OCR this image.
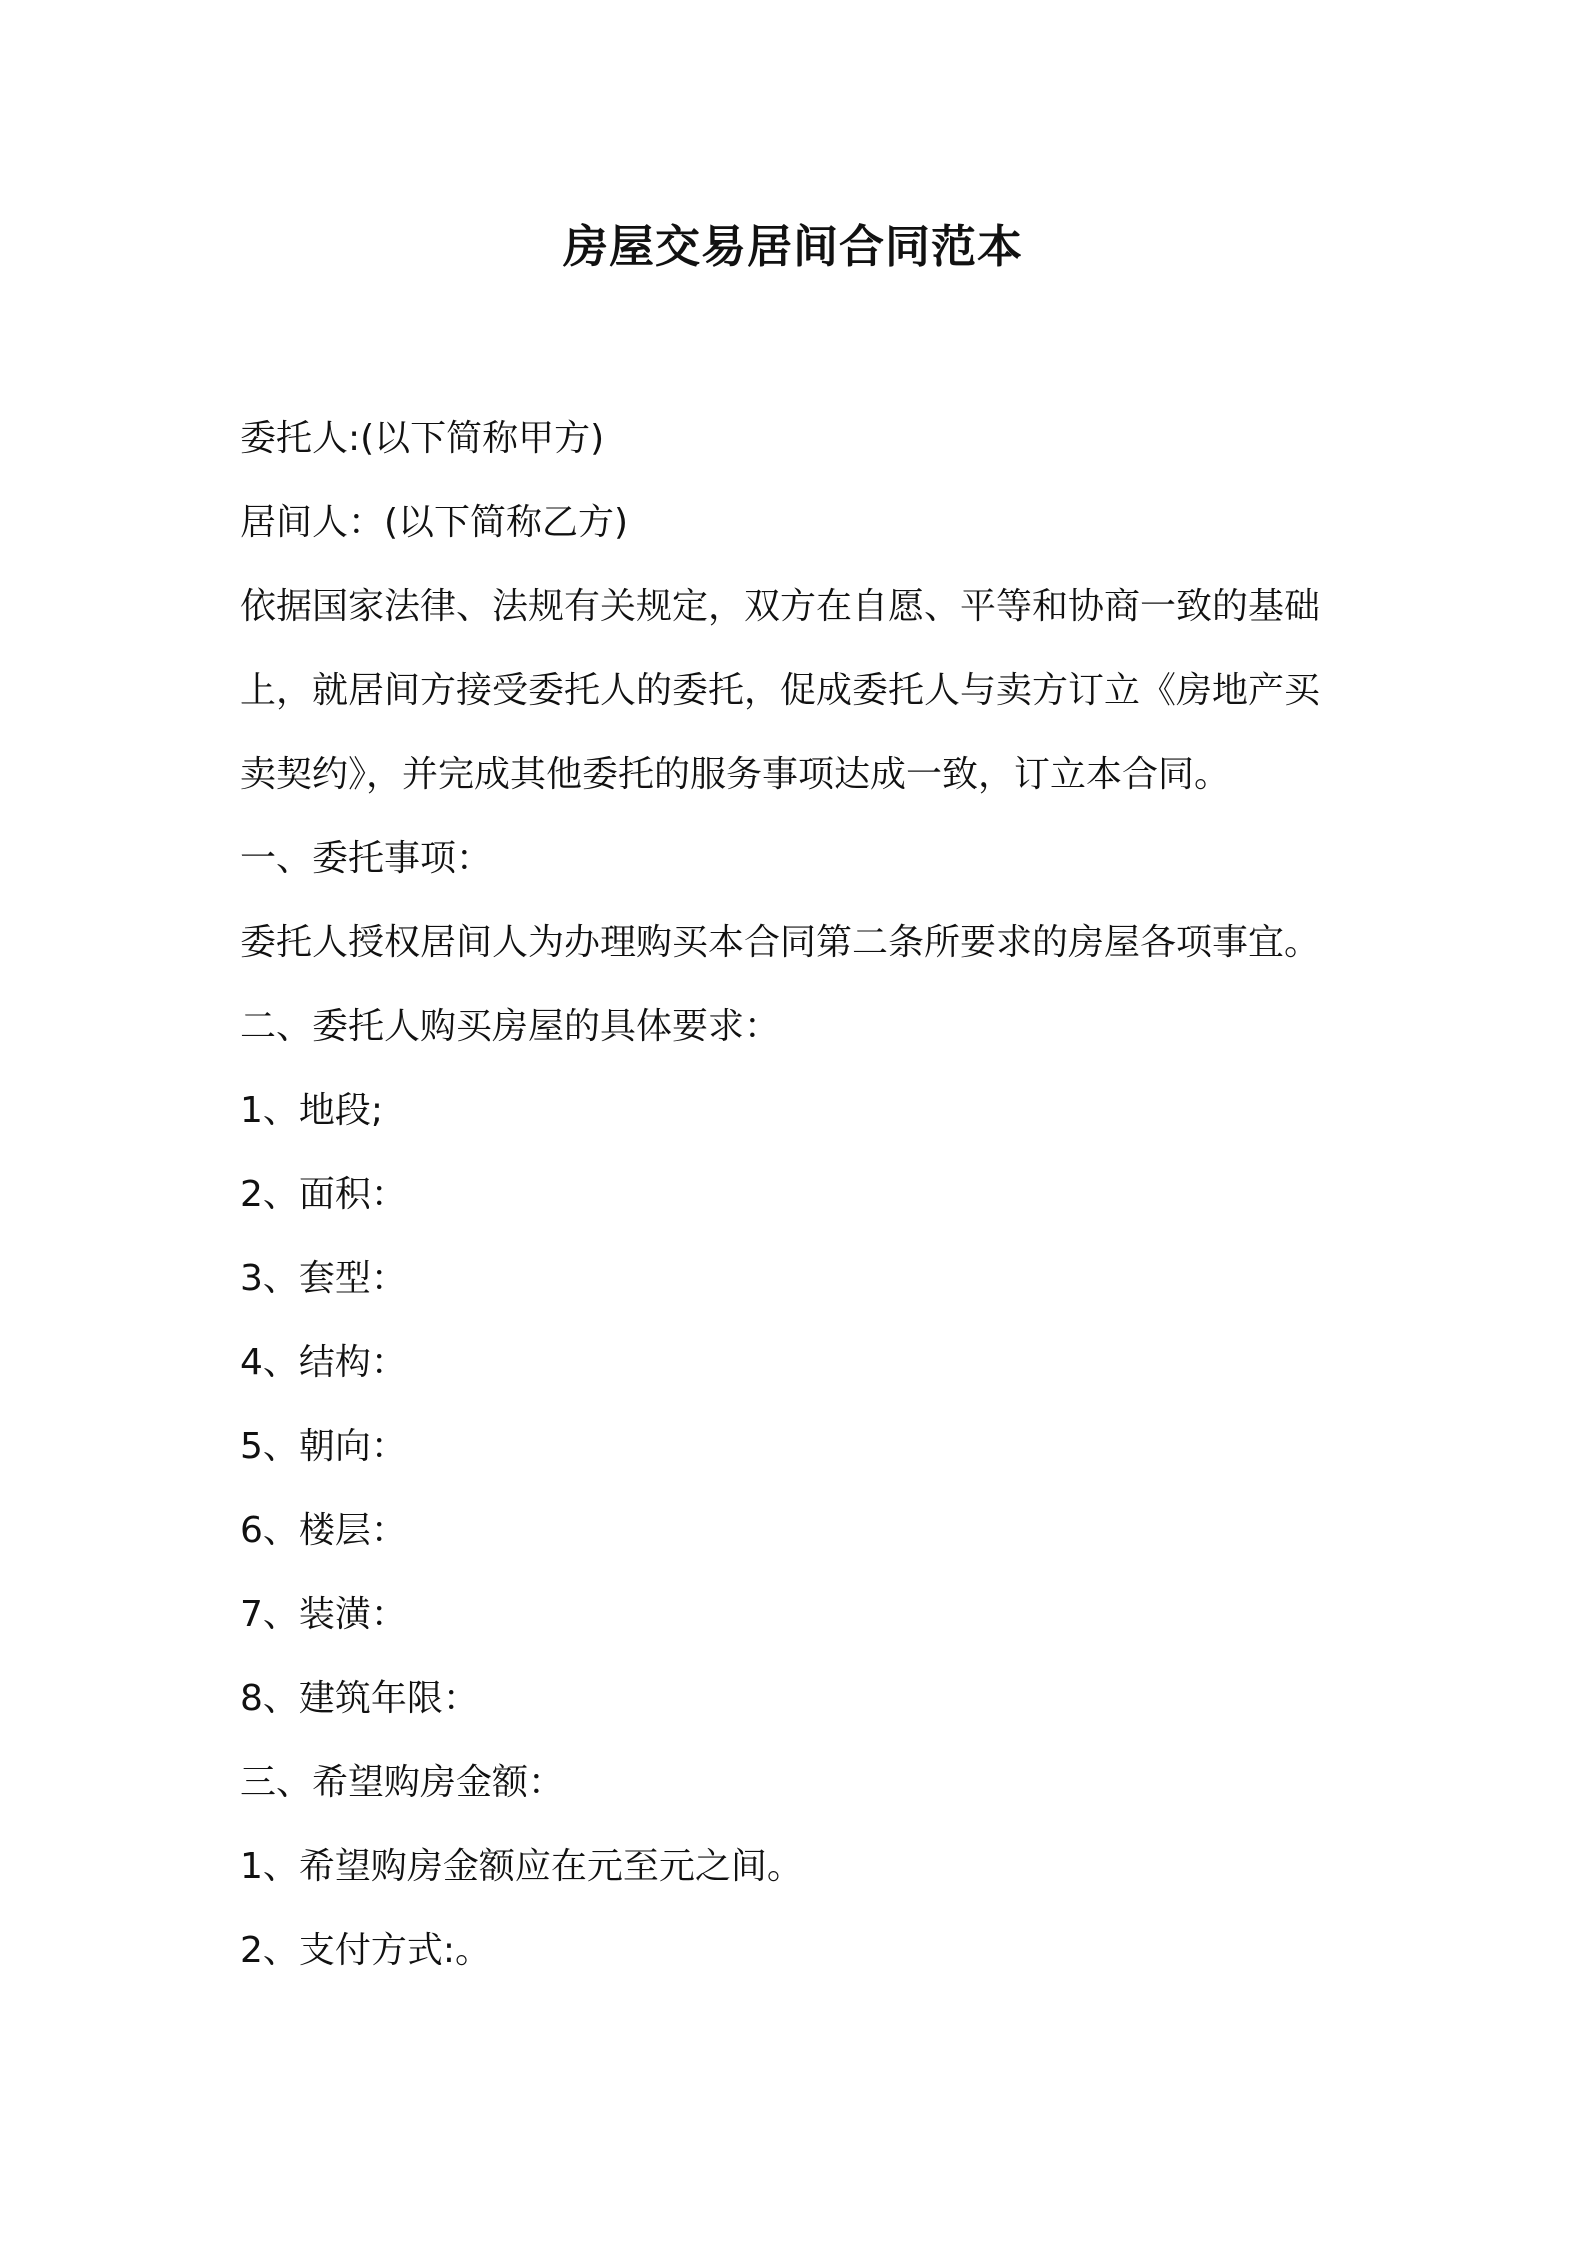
房屋交易居间合同范本

委托人:(以下简称甲方)

居间人：(以下简称乙方)

依据国家法律、法规有关规定，双方在自愿、平等和协商一致的基础

上，就居间方接受委托人的委托，促成委托人与卖方订立《房地产买

卖契约》，并完成其他委托的服务事项达成一致，订立本合同。

一、委托事项：

委托人授权居间人为办理购买本合同第二条所要求的房屋各项事宜。

二、委托人购买房屋的具体要求：

1、地段;

2、面积：

3、套型：

4、结构：

5、朝向：

6、楼层：

7、装潢：

8、建筑年限：

三、希望购房金额：

1、希望购房金额应在元至元之间。

2、支付方式:。
